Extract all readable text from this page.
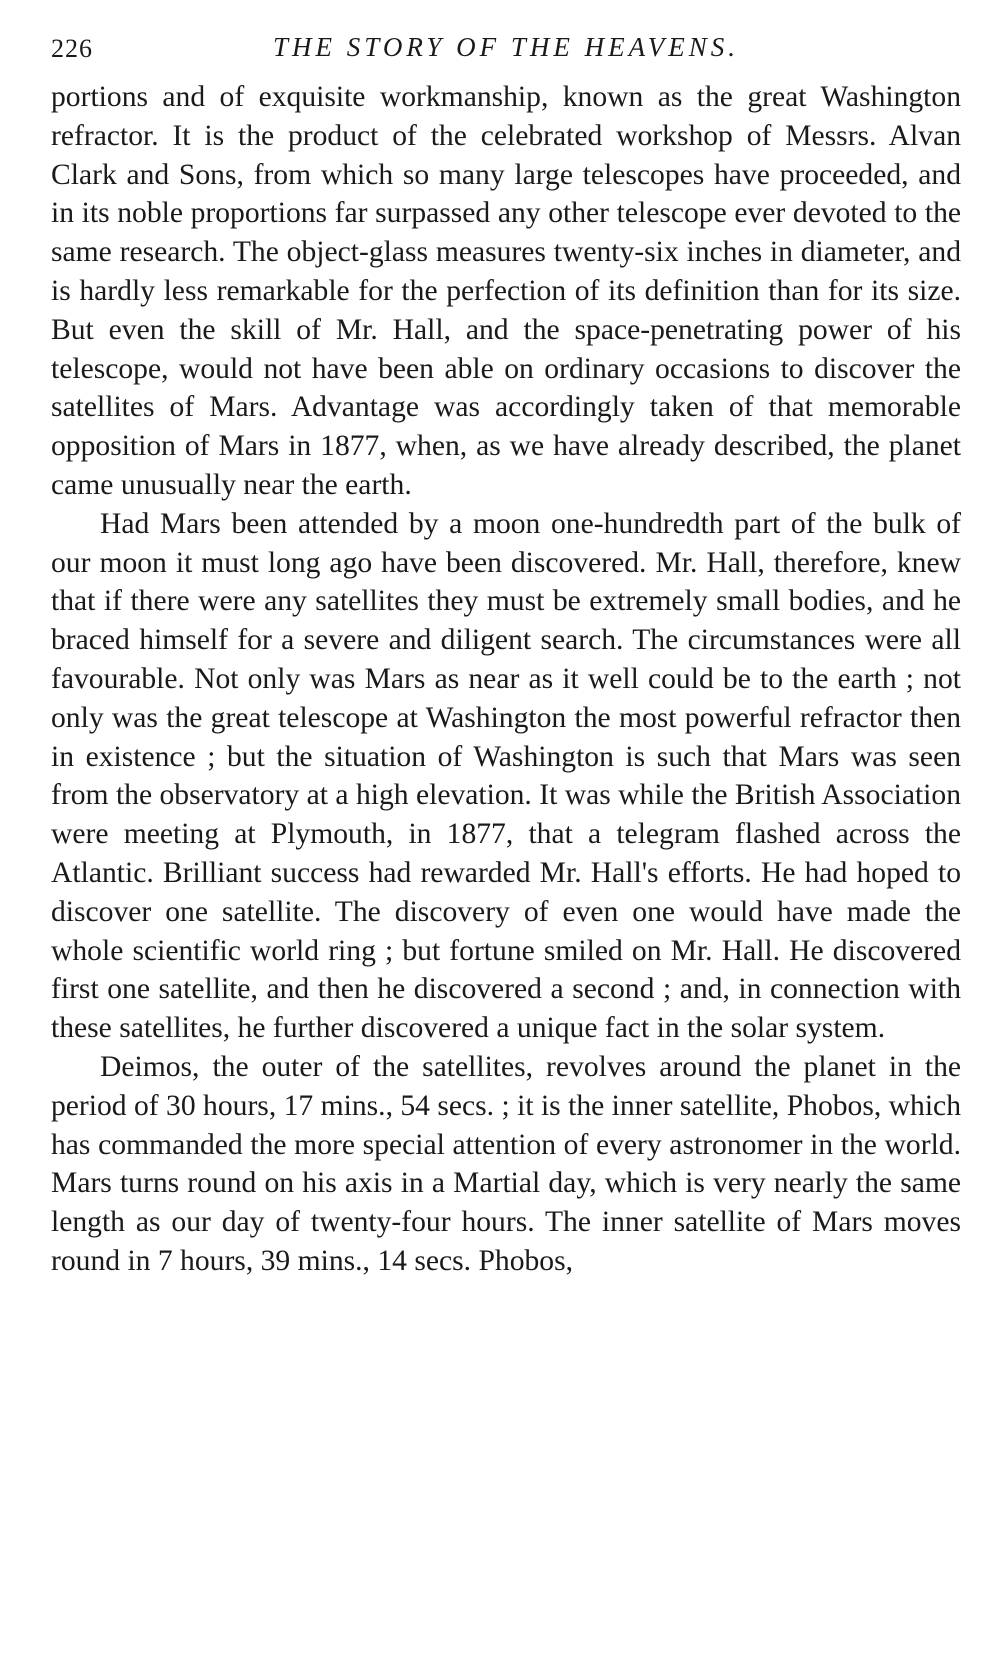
226	THE STORY OF THE HEAVENS.

portions and of exquisite workmanship, known as the great Washington refractor. It is the product of the celebrated workshop of Messrs. Alvan Clark and Sons, from which so many large telescopes have proceeded, and in its noble proportions far surpassed any other telescope ever devoted to the same research. The object-glass measures twenty-six inches in diameter, and is hardly less remarkable for the perfection of its definition than for its size. But even the skill of Mr. Hall, and the space-penetrating power of his telescope, would not have been able on ordinary occasions to discover the satellites of Mars. Advantage was accordingly taken of that memorable opposition of Mars in 1877, when, as we have already described, the planet came unusually near the earth.

Had Mars been attended by a moon one-hundredth part of the bulk of our moon it must long ago have been discovered. Mr. Hall, therefore, knew that if there were any satellites they must be extremely small bodies, and he braced himself for a severe and diligent search. The circumstances were all favourable. Not only was Mars as near as it well could be to the earth ; not only was the great telescope at Washington the most powerful refractor then in existence ; but the situation of Washington is such that Mars was seen from the observatory at a high elevation. It was while the British Association were meeting at Plymouth, in 1877, that a telegram flashed across the Atlantic. Brilliant success had rewarded Mr. Hall's efforts. He had hoped to discover one satellite. The discovery of even one would have made the whole scientific world ring ; but fortune smiled on Mr. Hall. He discovered first one satellite, and then he discovered a second ; and, in connection with these satellites, he further discovered a unique fact in the solar system.

Deimos, the outer of the satellites, revolves around the planet in the period of 30 hours, 17 mins., 54 secs. ; it is the inner satellite, Phobos, which has commanded the more special attention of every astronomer in the world. Mars turns round on his axis in a Martial day, which is very nearly the same length as our day of twenty-four hours. The inner satellite of Mars moves round in 7 hours, 39 mins., 14 secs. Phobos,
